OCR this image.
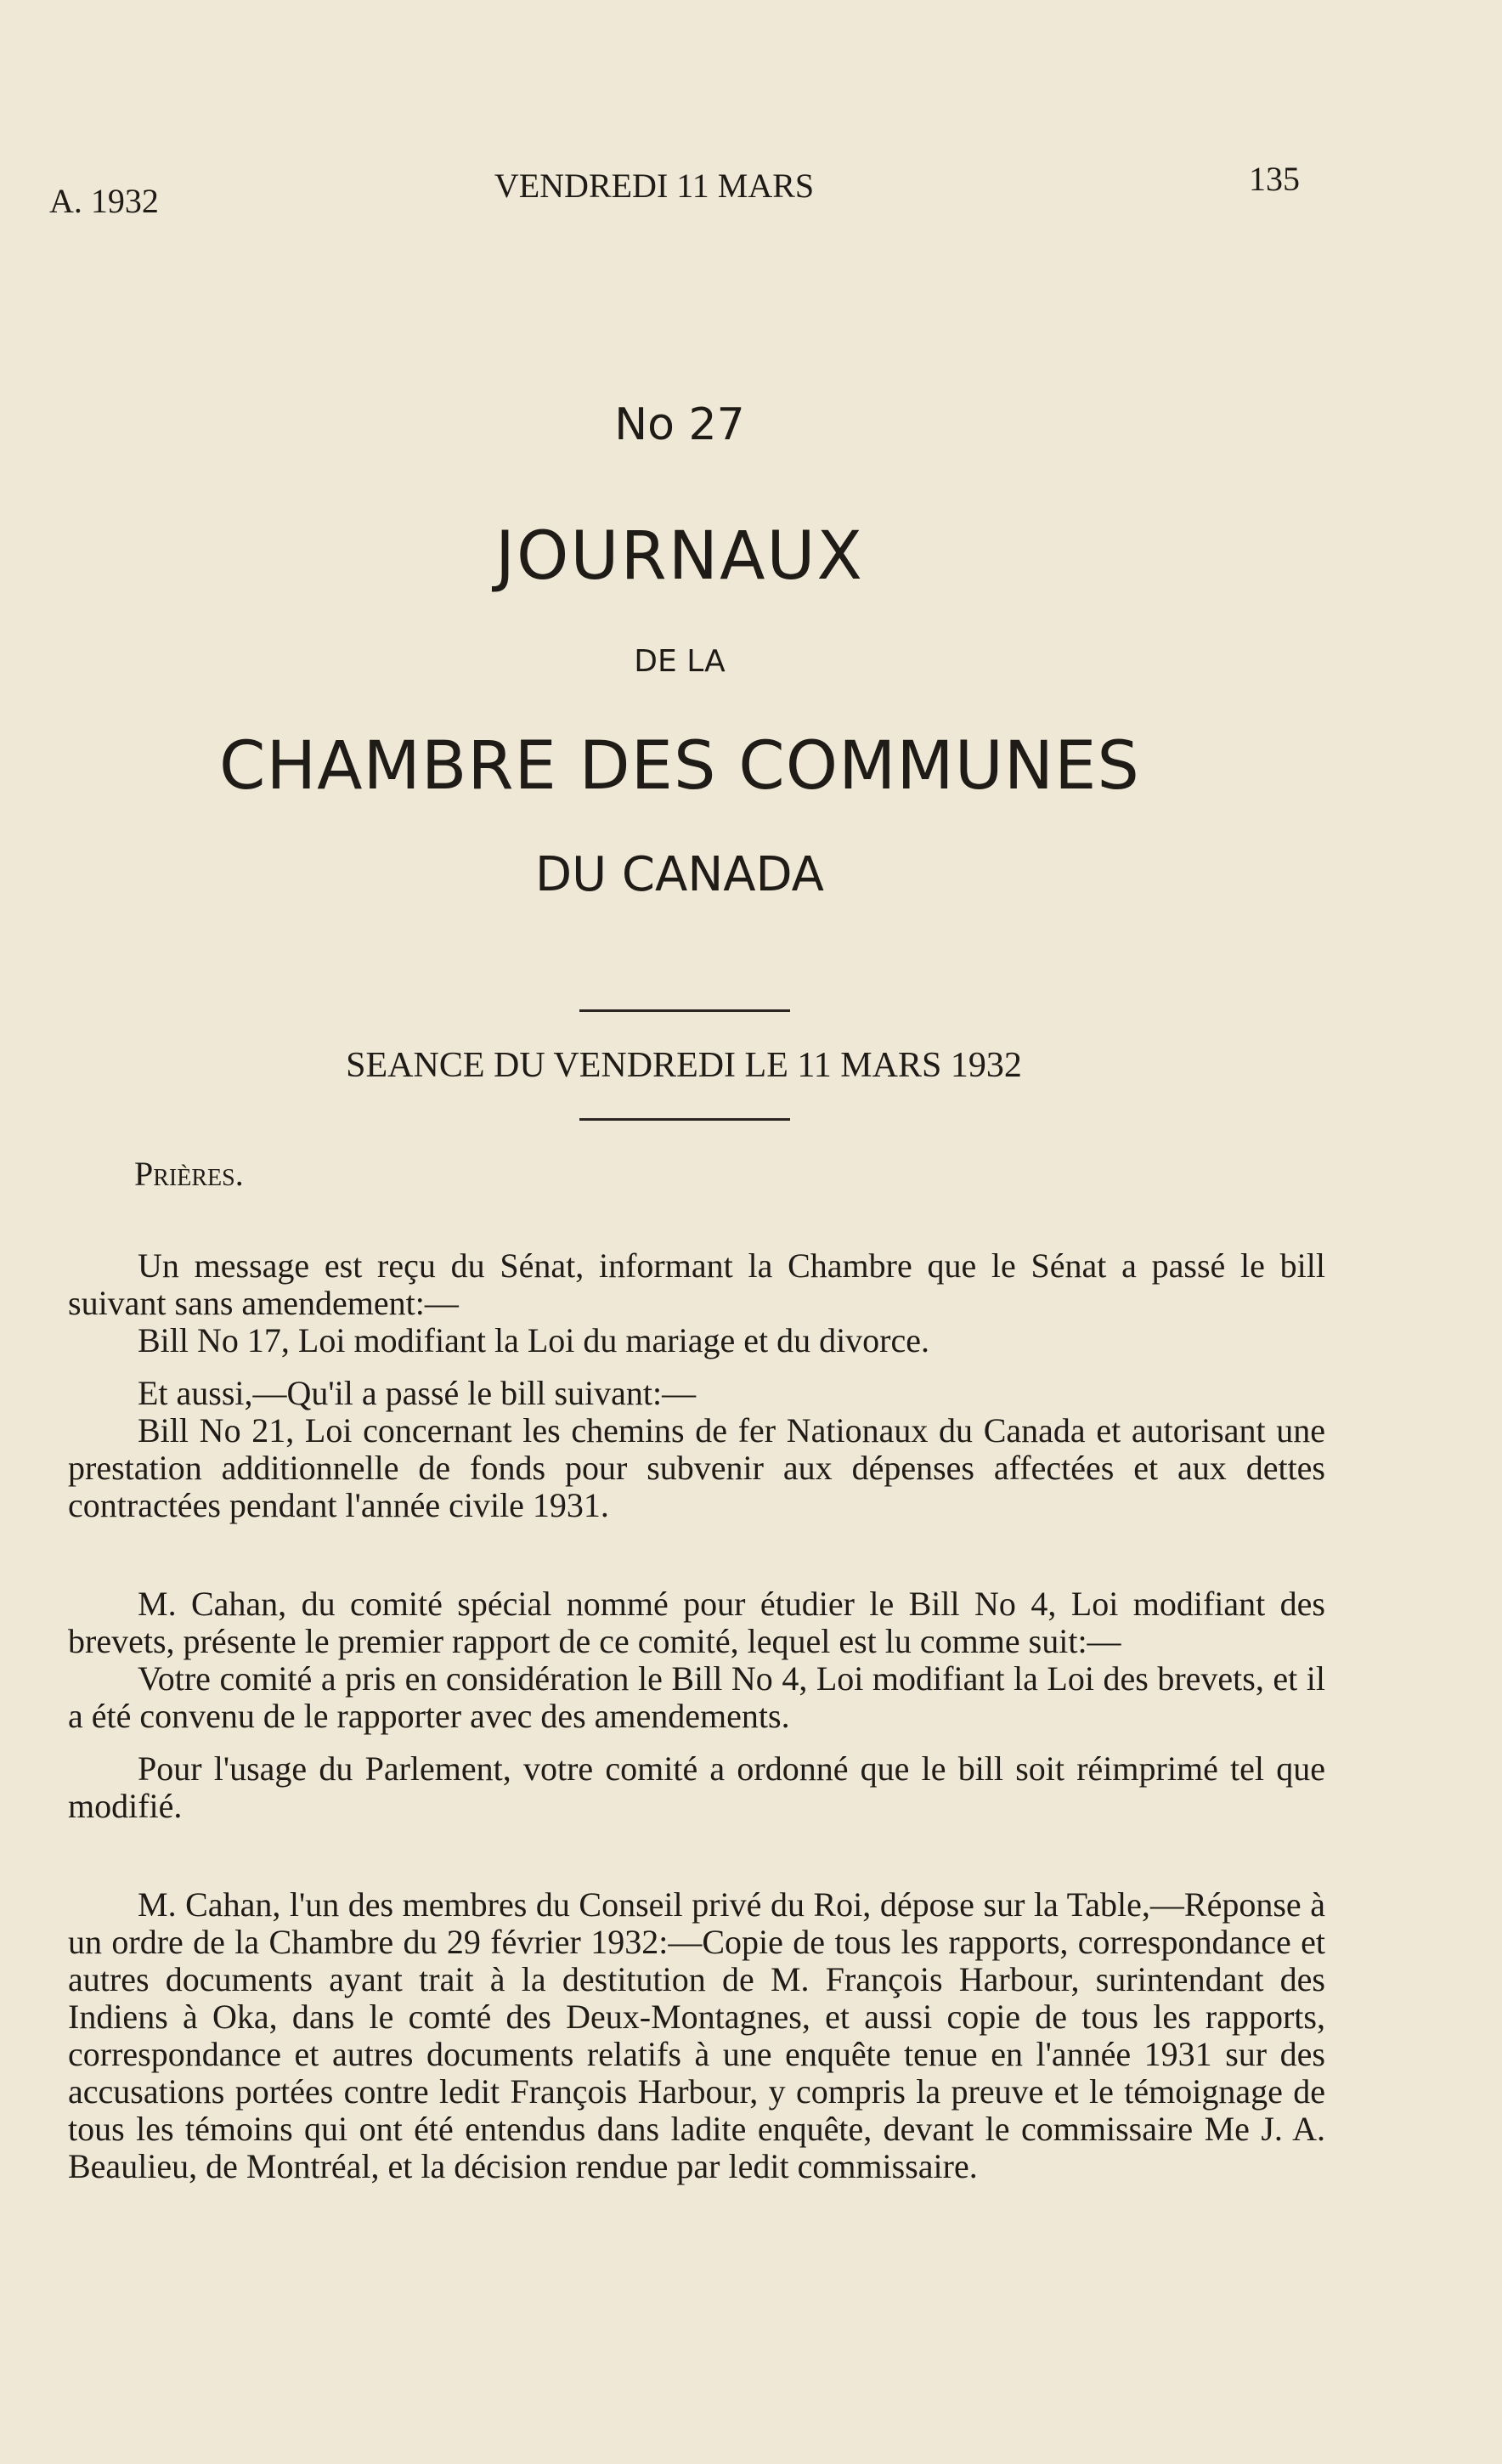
A. 1932	VENDREDI 11 MARS	135
No 27
JOURNAUX
DE LA
CHAMBRE DES COMMUNES
DU CANADA
SEANCE DU VENDREDI LE 11 MARS 1932

Prières.

Un message est reçu du Sénat, informant la Chambre que le Sénat a passé le bill suivant sans amendement:—

Bill No 17, Loi modifiant la Loi du mariage et du divorce.

Et aussi,—Qu'il a passé le bill suivant:—

Bill No 21, Loi concernant les chemins de fer Nationaux du Canada et autorisant une prestation additionnelle de fonds pour subvenir aux dépenses affectées et aux dettes contractées pendant l'année civile 1931.

M. Cahan, du comité spécial nommé pour étudier le Bill No 4, Loi modifiant des brevets, présente le premier rapport de ce comité, lequel est lu comme suit:—

Votre comité a pris en considération le Bill No 4, Loi modifiant la Loi des brevets, et il a été convenu de le rapporter avec des amendements.

Pour l'usage du Parlement, votre comité a ordonné que le bill soit réimprimé tel que modifié.

M. Cahan, l'un des membres du Conseil privé du Roi, dépose sur la Table,—Réponse à un ordre de la Chambre du 29 février 1932:—Copie de tous les rapports, correspondance et autres documents ayant trait à la destitution de M. François Harbour, surintendant des Indiens à Oka, dans le comté des Deux-Montagnes, et aussi copie de tous les rapports, correspondance et autres documents relatifs à une enquête tenue en l'année 1931 sur des accusations portées contre ledit François Harbour, y compris la preuve et le témoignage de tous les témoins qui ont été entendus dans ladite enquête, devant le commissaire Me J. A. Beaulieu, de Montréal, et la décision rendue par ledit commissaire.
